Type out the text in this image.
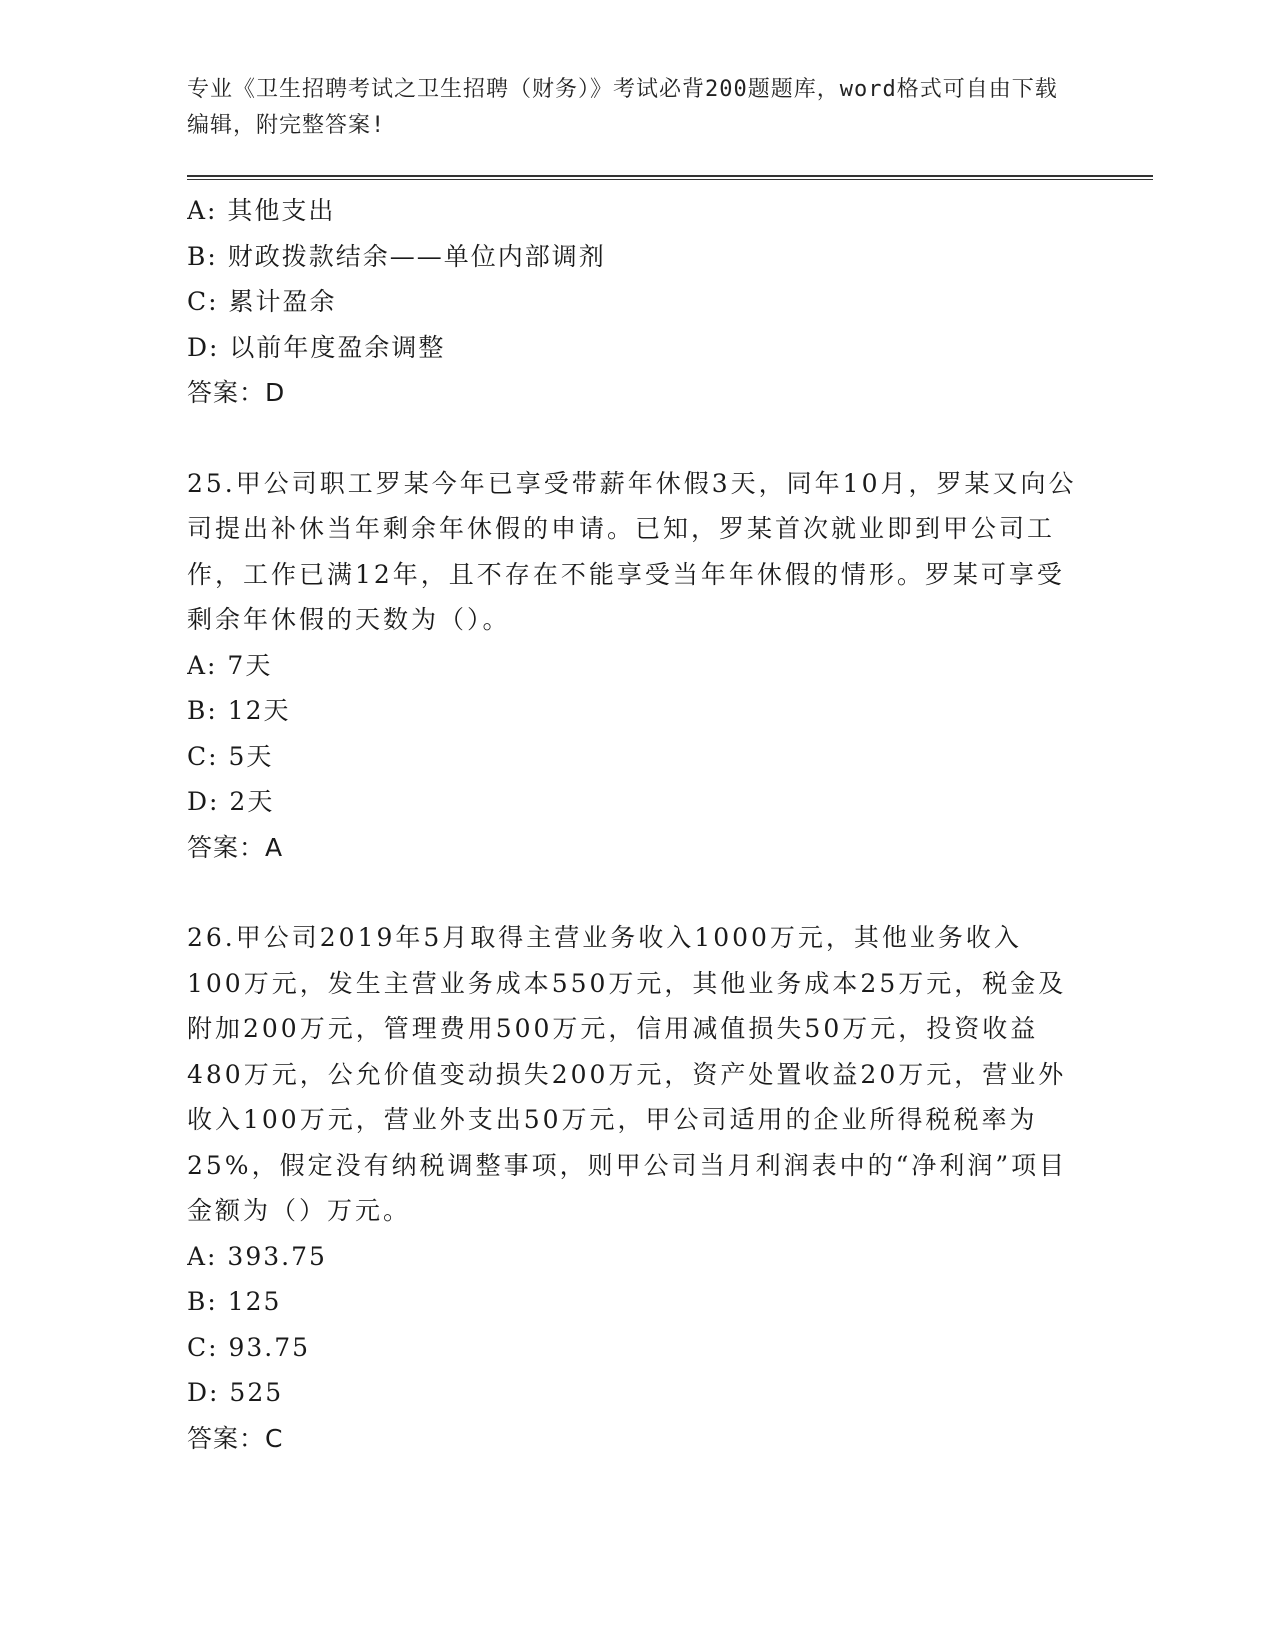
专业《卫生招聘考试之卫生招聘（财务）》考试必背200题题库，word格式可自由下载编辑，附完整答案!
A: 其他支出
B: 财政拨款结余——单位内部调剂
C: 累计盈余
D: 以前年度盈余调整
答案：D
25.甲公司职工罗某今年已享受带薪年休假3天，同年10月，罗某又向公司提出补休当年剩余年休假的申请。已知，罗某首次就业即到甲公司工作，工作已满12年，且不存在不能享受当年年休假的情形。罗某可享受剩余年休假的天数为（）。
A: 7天
B: 12天
C: 5天
D: 2天
答案：A
26.甲公司2019年5月取得主营业务收入1000万元，其他业务收入100万元，发生主营业务成本550万元，其他业务成本25万元，税金及附加200万元，管理费用500万元，信用减值损失50万元，投资收益480万元，公允价值变动损失200万元，资产处置收益20万元，营业外收入100万元，营业外支出50万元，甲公司适用的企业所得税税率为25%，假定没有纳税调整事项，则甲公司当月利润表中的“净利润”项目金额为（）万元。
A: 393.75
B: 125
C: 93.75
D: 525
答案：C
